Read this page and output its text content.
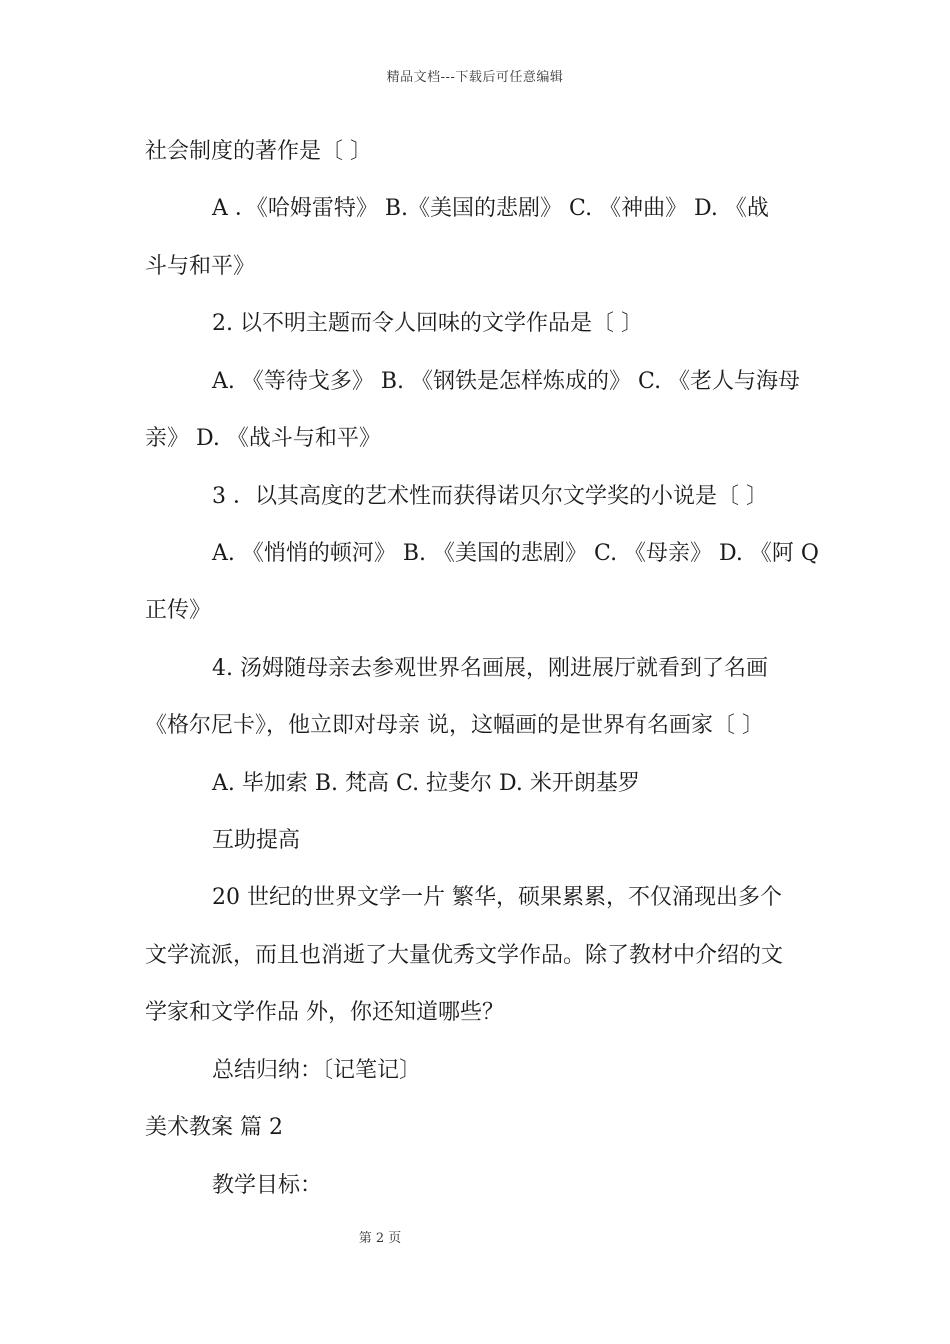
精品文档---下载后可任意编辑
社会制度的著作是〔 〕
A ．《哈姆雷特》 B.《美国的悲剧》 C. 《神曲》 D. 《战
斗与和平》
2. 以不明主题而令人回味的文学作品是〔 〕
A. 《等待戈多》 B. 《钢铁是怎样炼成的》 C. 《老人与海母
亲》 D. 《战斗与和平》
3 ．以其高度的艺术性而获得诺贝尔文学奖的小说是〔 〕
A. 《悄悄的顿河》 B. 《美国的悲剧》 C. 《母亲》 D. 《阿 Q
正传》
4. 汤姆随母亲去参观世界名画展，刚进展厅就看到了名画
《格尔尼卡》，他立即对母亲 说，这幅画的是世界有名画家〔 〕
A. 毕加索 B. 梵高 C. 拉斐尔 D. 米开朗基罗
互助提高
20 世纪的世界文学一片 繁华，硕果累累，不仅涌现出多个
文学流派，而且也消逝了大量优秀文学作品。除了教材中介绍的文
学家和文学作品 外，你还知道哪些？
总结归纳：〔记笔记〕
美术教案 篇 2
教学目标：
第 2 页
